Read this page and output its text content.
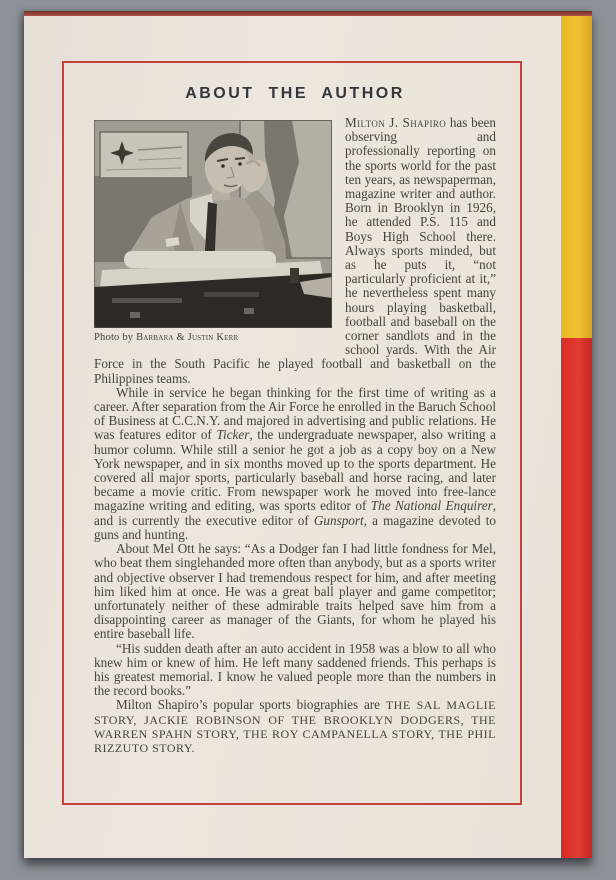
ABOUT THE AUTHOR
Photo by Barbara & Justin Kerr

Milton J. Shapiro has been observing and professionally reporting on the sports world for the past ten years, as newspaperman, magazine writer and author. Born in Brooklyn in 1926, he attended P.S. 115 and Boys High School there. Always sports minded, but as he puts it, “not particularly proficient at it,” he nevertheless spent many hours playing basketball, football and baseball on the corner sandlots and in the school yards. With the Air Force in the South Pacific he played football and basketball on the Philippines teams.

While in service he began thinking for the first time of writing as a career. After separation from the Air Force he enrolled in the Baruch School of Business at C.C.N.Y. and majored in advertising and public relations. He was features editor of Ticker, the undergraduate newspaper, also writing a humor column. While still a senior he got a job as a copy boy on a New York newspaper, and in six months moved up to the sports department. He covered all major sports, particularly baseball and horse racing, and later became a movie critic. From newspaper work he moved into free-lance magazine writing and editing, was sports editor of The National Enquirer, and is currently the executive editor of Gunsport, a magazine devoted to guns and hunting.

About Mel Ott he says: “As a Dodger fan I had little fondness for Mel, who beat them singlehanded more often than anybody, but as a sports writer and objective observer I had tremendous respect for him, and after meeting him liked him at once. He was a great ball player and game competitor; unfortunately neither of these admirable traits helped save him from a disappointing career as manager of the Giants, for whom he played his entire baseball life.

“His sudden death after an auto accident in 1958 was a blow to all who knew him or knew of him. He left many saddened friends. This perhaps is his greatest memorial. I know he valued people more than the numbers in the record books.”

Milton Shapiro’s popular sports biographies are THE SAL MAGLIE STORY, JACKIE ROBINSON OF THE BROOKLYN DODGERS, THE WARREN SPAHN STORY, THE ROY CAMPANELLA STORY, THE PHIL RIZZUTO STORY.
